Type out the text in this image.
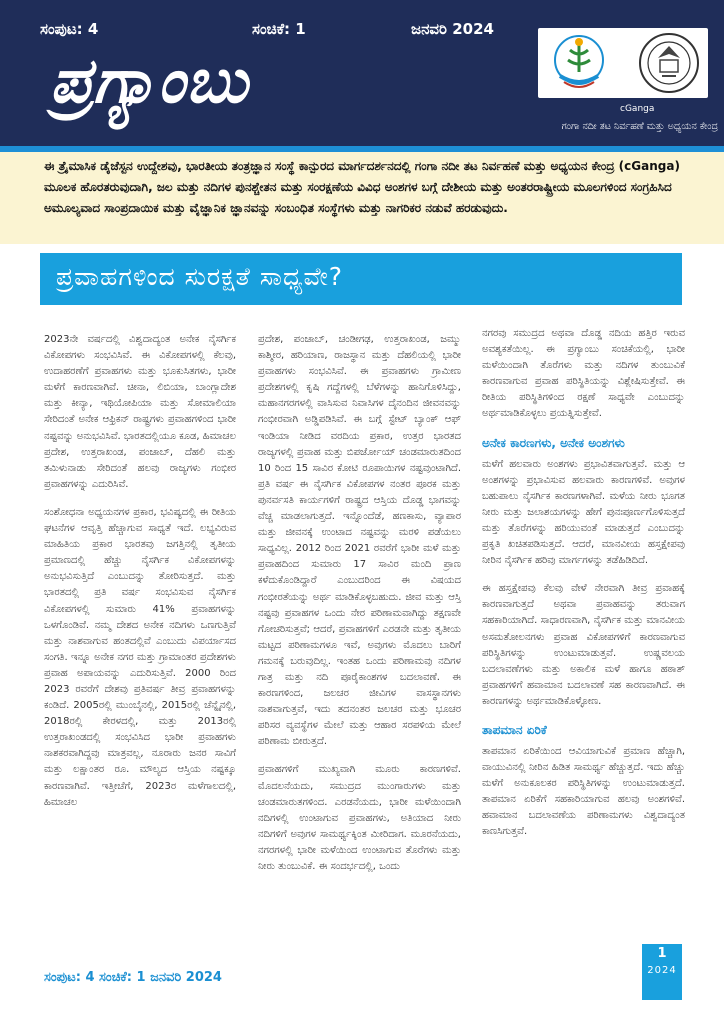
ಸಂಪುಟ: 4	ಸಂಚಿಕೆ: 1	ಜನವರಿ 2024
ಪ್ರಗ್ಯಾಂಬು	cGanga
ಗಂಗಾ ನದೀ ತಟ ನಿರ್ವಹಣೆ ಮತ್ತು ಅಧ್ಯಯನ ಕೇಂದ್ರ

ಈ ತ್ರೈಮಾಸಿಕ ಡೈಜೆಸ್ಟನ ಉದ್ದೇಶವು, ಭಾರತೀಯ ತಂತ್ರಜ್ಞಾನ ಸಂಸ್ಥೆ ಕಾನ್ಪುರದ ಮಾರ್ಗದರ್ಶನದಲ್ಲಿ ಗಂಗಾ ನದೀ ತಟ ನಿರ್ವಹಣೆ ಮತ್ತು ಅಧ್ಯಯನ ಕೇಂದ್ರ (cGanga) ಮೂಲಕ ಹೊರತರುವುದಾಗಿ, ಜಲ ಮತ್ತು ನದಿಗಳ ಪುನಶ್ಚೇತನ ಮತ್ತು ಸಂರಕ್ಷಣೆಯ ವಿವಿಧ ಅಂಶಗಳ ಬಗ್ಗೆ ದೇಶೀಯ ಮತ್ತು ಅಂತರರಾಷ್ಟ್ರೀಯ ಮೂಲಗಳಿಂದ ಸಂಗ್ರಹಿಸಿದ ಅಮೂಲ್ಯವಾದ ಸಾಂಪ್ರದಾಯಿಕ ಮತ್ತು ವೈಜ್ಞಾನಿಕ ಜ್ಞಾನವನ್ನು ಸಂಬಂಧಿತ ಸಂಸ್ಥೆಗಳು ಮತ್ತು ನಾಗರಿಕರ ನಡುವೆ ಹರಡುವುದು.

ಪ್ರವಾಹಗಳಿಂದ ಸುರಕ್ಷತೆ ಸಾಧ್ಯವೇ?

2023ನೇ ವರ್ಷದಲ್ಲಿ ವಿಶ್ವದಾದ್ಯಂತ ಅನೇಕ ನೈಸರ್ಗಿಕ ವಿಕೋಪಗಳು ಸಂಭವಿಸಿವೆ. ಈ ವಿಕೋಪಗಳಲ್ಲಿ ಕೆಲವು, ಉದಾಹರಣೆಗೆ ಪ್ರವಾಹಗಳು ಮತ್ತು ಭೂಕುಸಿತಗಳು, ಭಾರೀ ಮಳೆಗೆ ಕಾರಣವಾಗಿವೆ. ಚೀನಾ, ಲಿಬಿಯಾ, ಬಾಂಗ್ಲಾದೇಶ ಮತ್ತು ಕೀನ್ಯಾ, ಇಥಿಯೋಪಿಯಾ ಮತ್ತು ಸೋಮಾಲಿಯಾ ಸೇರಿದಂತೆ ಅನೇಕ ಆಫ್ರಿಕನ್ ರಾಷ್ಟ್ರಗಳು ಪ್ರವಾಹಗಳಿಂದ ಭಾರೀ ನಷ್ಟವನ್ನು ಅನುಭವಿಸಿವೆ. ಭಾರತದಲ್ಲಿಯೂ ಕೂಡ, ಹಿಮಾಚಲ ಪ್ರದೇಶ, ಉತ್ತರಾಖಂಡ, ಪಂಜಾಬ್, ದೆಹಲಿ ಮತ್ತು ತಮಿಳುನಾಡು ಸೇರಿದಂತೆ ಹಲವು ರಾಜ್ಯಗಳು ಗಂಭೀರ ಪ್ರವಾಹಗಳನ್ನು ಎದುರಿಸಿವೆ.

ಸಂಶೋಧನಾ ಅಧ್ಯಯನಗಳ ಪ್ರಕಾರ, ಭವಿಷ್ಯದಲ್ಲಿ ಈ ರೀತಿಯ ಘಟನೆಗಳ ಆವೃತ್ತಿ ಹೆಚ್ಚಾಗುವ ಸಾಧ್ಯತೆ ಇದೆ. ಲಭ್ಯವಿರುವ ಮಾಹಿತಿಯ ಪ್ರಕಾರ ಭಾರತವು ಜಗತ್ತಿನಲ್ಲಿ ತೃತೀಯ ಪ್ರಮಾಣದಲ್ಲಿ ಹೆಚ್ಚು ನೈಸರ್ಗಿಕ ವಿಕೋಪಗಳನ್ನು ಅನುಭವಿಸುತ್ತಿದೆ ಎಂಬುದನ್ನು ತೋರಿಸುತ್ತದೆ. ಮತ್ತು ಭಾರತದಲ್ಲಿ ಪ್ರತಿ ವರ್ಷ ಸಂಭವಿಸುವ ನೈಸರ್ಗಿಕ ವಿಕೋಪಗಳಲ್ಲಿ ಸುಮಾರು 41% ಪ್ರವಾಹಗಳನ್ನು ಒಳಗೊಂಡಿವೆ. ನಮ್ಮ ದೇಶದ ಅನೇಕ ನದಿಗಳು ಒಣಗುತ್ತಿವೆ ಮತ್ತು ನಾಶವಾಗುವ ಹಂತದಲ್ಲಿವೆ ಎಂಬುದು ವಿಪರ್ಯಾಸದ ಸಂಗತಿ. ಇನ್ನೂ ಅನೇಕ ನಗರ ಮತ್ತು ಗ್ರಾಮಾಂತರ ಪ್ರದೇಶಗಳು ಪ್ರವಾಹ ಅಪಾಯವನ್ನು ಎದುರಿಸುತ್ತಿವೆ. 2000 ರಿಂದ 2023 ರವರೆಗೆ ದೇಶವು ಪ್ರತಿವರ್ಷ ತೀವ್ರ ಪ್ರವಾಹಗಳನ್ನು ಕಂಡಿದೆ. 2005ರಲ್ಲಿ ಮುಂಬೈನಲ್ಲಿ, 2015ರಲ್ಲಿ ಚೆನ್ನೈನಲ್ಲಿ, 2018ರಲ್ಲಿ ಕೇರಳದಲ್ಲಿ, ಮತ್ತು 2013ರಲ್ಲಿ ಉತ್ತರಾಖಂಡದಲ್ಲಿ ಸಂಭವಿಸಿದ ಭಾರೀ ಪ್ರವಾಹಗಳು ನಾಶಕರವಾಗಿದ್ದವು ಮಾತ್ರವಲ್ಲ, ನೂರಾರು ಜನರ ಸಾವಿಗೆ ಮತ್ತು ಲಕ್ಷಾಂತರ ರೂ. ಮೌಲ್ಯದ ಆಸ್ತಿಯ ನಷ್ಟಕ್ಕೂ ಕಾರಣವಾಗಿವೆ. ಇತ್ತೀಚೆಗೆ, 2023ರ ಮಳೆಗಾಲದಲ್ಲಿ, ಹಿಮಾಚಲ

ಪ್ರದೇಶ, ಪಂಜಾಬ್, ಚಂಡೀಗಢ, ಉತ್ತರಾಖಂಡ, ಜಮ್ಮು ಕಾಶ್ಮೀರ, ಹರಿಯಾಣ, ರಾಜಸ್ಥಾನ ಮತ್ತು ದೆಹಲಿಯಲ್ಲಿ ಭಾರೀ ಪ್ರವಾಹಗಳು ಸಂಭವಿಸಿವೆ. ಈ ಪ್ರವಾಹಗಳು ಗ್ರಾಮೀಣ ಪ್ರದೇಶಗಳಲ್ಲಿ ಕೃಷಿ ಗದ್ದೆಗಳಲ್ಲಿ ಬೆಳೆಗಳನ್ನು ಹಾನಿಗೊಳಿಸಿದ್ದು, ಮಹಾನಗರಗಳಲ್ಲಿ ವಾಸಿಸುವ ನಿವಾಸಿಗಳ ದೈನಂದಿನ ಜೀವನವನ್ನು ಗಂಭೀರವಾಗಿ ಅಡ್ಡಿಪಡಿಸಿವೆ. ಈ ಬಗ್ಗೆ ಸ್ಟೇಟ್ ಬ್ಯಾಂಕ್ ಆಫ್ ಇಂಡಿಯಾ ನೀಡಿದ ವರದಿಯ ಪ್ರಕಾರ, ಉತ್ತರ ಭಾರತದ ರಾಜ್ಯಗಳಲ್ಲಿ ಪ್ರವಾಹ ಮತ್ತು ಬಿಪರ್ಜೋಯ್ ಚಂಡಮಾರುತದಿಂದ 10 ರಿಂದ 15 ಸಾವಿರ ಕೋಟಿ ರೂಪಾಯಿಗಳ ನಷ್ಟವುಂಟಾಗಿದೆ. ಪ್ರತಿ ವರ್ಷ ಈ ನೈಸರ್ಗಿಕ ವಿಕೋಪಗಳ ನಂತರ ಪೂರಕ ಮತ್ತು ಪುನರ್ವಸತಿ ಕಾರ್ಯಗಳಿಗೆ ರಾಷ್ಟ್ರದ ಆಸ್ತಿಯ ದೊಡ್ಡ ಭಾಗವನ್ನು ವೆಚ್ಚ ಮಾಡಲಾಗುತ್ತದೆ. ಇನ್ನೊಂದೆಡೆ, ಹಣಕಾಸು, ವ್ಯಾಪಾರ ಮತ್ತು ಜೀವನಕ್ಕೆ ಉಂಟಾದ ನಷ್ಟವನ್ನು ಮರಳಿ ಪಡೆಯಲು ಸಾಧ್ಯವಿಲ್ಲ. 2012 ರಿಂದ 2021 ರವರೆಗೆ ಭಾರೀ ಮಳೆ ಮತ್ತು ಪ್ರವಾಹದಿಂದ ಸುಮಾರು 17 ಸಾವಿರ ಮಂದಿ ಪ್ರಾಣ ಕಳೆದುಕೊಂಡಿದ್ದಾರೆ ಎಂಬುದರಿಂದ ಈ ವಿಷಯದ ಗಂಭೀರತೆಯನ್ನು ಅರ್ಥ ಮಾಡಿಕೊಳ್ಳಬಹುದು. ಜೀವ ಮತ್ತು ಆಸ್ತಿ ನಷ್ಟವು ಪ್ರವಾಹಗಳ ಒಂದು ನೇರ ಪರಿಣಾಮವಾಗಿದ್ದು ತಕ್ಷಣವೇ ಗೋಚರಿಸುತ್ತವೆ; ಆದರೆ, ಪ್ರವಾಹಗಳಿಗೆ ಎರಡನೇ ಮತ್ತು ತೃತೀಯ ಮಟ್ಟದ ಪರಿಣಾಮಗಳೂ ಇವೆ, ಅವುಗಳು ಮೊದಲು ಬಾರಿಗೆ ಗಮನಕ್ಕೆ ಬರುವುದಿಲ್ಲ. ಇಂತಹ ಒಂದು ಪರಿಣಾಮವು ನದಿಗಳ ಗಾತ್ರ ಮತ್ತು ನದಿ ಪೂರೈಕಾಂಶಗಳ ಬದಲಾವಣೆ. ಈ ಕಾರಣಗಳಿಂದ, ಜಲಚರ ಜೀವಿಗಳ ವಾಸಸ್ಥಾನಗಳು ನಾಶವಾಗುತ್ತವೆ, ಇದು ತದನಂತರ ಜಲಚರ ಮತ್ತು ಭೂಚರ ಪರಿಸರ ವ್ಯವಸ್ಥೆಗಳ ಮೇಲೆ ಮತ್ತು ಆಹಾರ ಸರಪಳಿಯ ಮೇಲೆ ಪರಿಣಾಮ ಬೀರುತ್ತದೆ.

ಪ್ರವಾಹಗಳಿಗೆ ಮುಖ್ಯವಾಗಿ ಮೂರು ಕಾರಣಗಳಿವೆ. ಮೊದಲನೆಯದು, ಸಮುದ್ರದ ಮುಂಗಾರುಗಳು ಮತ್ತು ಚಂಡಮಾರುತಗಳಿಂದ. ಎರಡನೆಯದು, ಭಾರೀ ಮಳೆಯಿಂದಾಗಿ ನದಿಗಳಲ್ಲಿ ಉಂಟಾಗುವ ಪ್ರವಾಹಗಳು, ಅತಿಯಾದ ನೀರು ನದಿಗಳಿಗೆ ಅವುಗಳ ಸಾಮರ್ಥ್ಯಕ್ಕಿಂತ ಮೀರಿದಾಗ. ಮೂರನೆಯದು, ನಗರಗಳಲ್ಲಿ ಭಾರೀ ಮಳೆಯಿಂದ ಉಂಟಾಗುವ ತೊರೆಗಳು ಮತ್ತು ನೀರು ತುಂಬುವಿಕೆ. ಈ ಸಂದರ್ಭದಲ್ಲಿ, ಒಂದು

ನಗರವು ಸಮುದ್ರದ ಅಥವಾ ದೊಡ್ಡ ನದಿಯ ಹತ್ತಿರ ಇರುವ ಅವಶ್ಯಕತೆಯಿಲ್ಲ. ಈ ಪ್ರಗ್ಯಾಂಬು ಸಂಚಿಕೆಯಲ್ಲಿ, ಭಾರೀ ಮಳೆಯಿಂದಾಗಿ ತೊರೆಗಳು ಮತ್ತು ನದಿಗಳ ತುಂಬುವಿಕೆ ಕಾರಣವಾಗುವ ಪ್ರವಾಹ ಪರಿಸ್ಥಿತಿಯನ್ನು ವಿಶ್ಲೇಷಿಸುತ್ತೇವೆ. ಈ ರೀತಿಯ ಪರಿಸ್ಥಿತಿಗಳಿಂದ ರಕ್ಷಣೆ ಸಾಧ್ಯವೇ ಎಂಬುದನ್ನು ಅರ್ಥಮಾಡಿಕೊಳ್ಳಲು ಪ್ರಯತ್ನಿಸುತ್ತೇವೆ.

ಅನೇಕ ಕಾರಣಗಳು, ಅನೇಕ ಅಂಶಗಳು

ಮಳೆಗೆ ಹಲವಾರು ಅಂಶಗಳು ಪ್ರಭಾವಿತವಾಗುತ್ತವೆ. ಮತ್ತು ಆ ಅಂಶಗಳನ್ನು ಪ್ರಭಾವಿಸುವ ಹಲವಾರು ಕಾರಣಗಳಿವೆ. ಅವುಗಳ ಬಹುಪಾಲು ನೈಸರ್ಗಿಕ ಕಾರಣಗಳಾಗಿವೆ. ಮಳೆಯ ನೀರು ಭೂಗತ ನೀರು ಮತ್ತು ಜಲಾಶಯಗಳನ್ನು ಹೇಗೆ ಪುನಃಪೂರ್ಣಗೊಳಿಸುತ್ತದೆ ಮತ್ತು ತೊರೆಗಳನ್ನು ಹರಿಯುವಂತೆ ಮಾಡುತ್ತದೆ ಎಂಬುದನ್ನು ಪ್ರಕೃತಿ ಖಚಿತಪಡಿಸುತ್ತದೆ. ಆದರೆ, ಮಾನವೀಯ ಹಸ್ತಕ್ಷೇಪವು ನೀರಿನ ನೈಸರ್ಗಿಕ ಹರಿವು ಮಾರ್ಗಗಳನ್ನು ತಡೆಹಿಡಿದಿದೆ.

ಈ ಹಸ್ತಕ್ಷೇಪವು ಕೆಲವು ವೇಳೆ ನೇರವಾಗಿ ತೀವ್ರ ಪ್ರವಾಹಕ್ಕೆ ಕಾರಣವಾಗುತ್ತದೆ ಅಥವಾ ಪ್ರವಾಹವನ್ನು ತರುವಾಗ ಸಹಕಾರಿಯಾಗಿದೆ. ಸಾಧಾರಣವಾಗಿ, ನೈಸರ್ಗಿಕ ಮತ್ತು ಮಾನವೀಯ ಅಸಮತೋಲನಗಳು ಪ್ರವಾಹ ವಿಕೋಪಗಳಿಗೆ ಕಾರಣವಾಗುವ ಪರಿಸ್ಥಿತಿಗಳನ್ನು ಉಂಟುಮಾಡುತ್ತವೆ. ಉಷ್ಣವಲಯ ಬದಲಾವಣೆಗಳು ಮತ್ತು ಅಕಾಲಿಕ ಮಳೆ ಹಾಗೂ ಹಠಾತ್ ಪ್ರವಾಹಗಳಿಗೆ ಹವಾಮಾನ ಬದಲಾವಣೆ ಸಹ ಕಾರಣವಾಗಿದೆ. ಈ ಕಾರಣಗಳನ್ನು ಅರ್ಥಮಾಡಿಕೊಳ್ಳೋಣ.

ತಾಪಮಾನ ಏರಿಕೆ

ತಾಪಮಾನ ಏರಿಕೆಯಿಂದ ಆವಿಯಾಗುವಿಕೆ ಪ್ರಮಾಣ ಹೆಚ್ಚಾಗಿ, ವಾಯುವಿನಲ್ಲಿ ನೀರಿನ ಹಿಡಿತ ಸಾಮರ್ಥ್ಯ ಹೆಚ್ಚುತ್ತದೆ. ಇದು ಹೆಚ್ಚು ಮಳೆಗೆ ಅನುಕೂಲಕರ ಪರಿಸ್ಥಿತಿಗಳನ್ನು ಉಂಟುಮಾಡುತ್ತದೆ. ತಾಪಮಾನ ಏರಿಕೆಗೆ ಸಹಕಾರಿಯಾಗುವ ಹಲವು ಅಂಶಗಳಿವೆ. ಹವಾಮಾನ ಬದಲಾವಣೆಯ ಪರಿಣಾಮಗಳು ವಿಶ್ವದಾದ್ಯಂತ ಕಾಣಸಿಗುತ್ತವೆ.

ಸಂಪುಟ: 4 ಸಂಚಿಕೆ: 1 ಜನವರಿ 2024
1
2024
